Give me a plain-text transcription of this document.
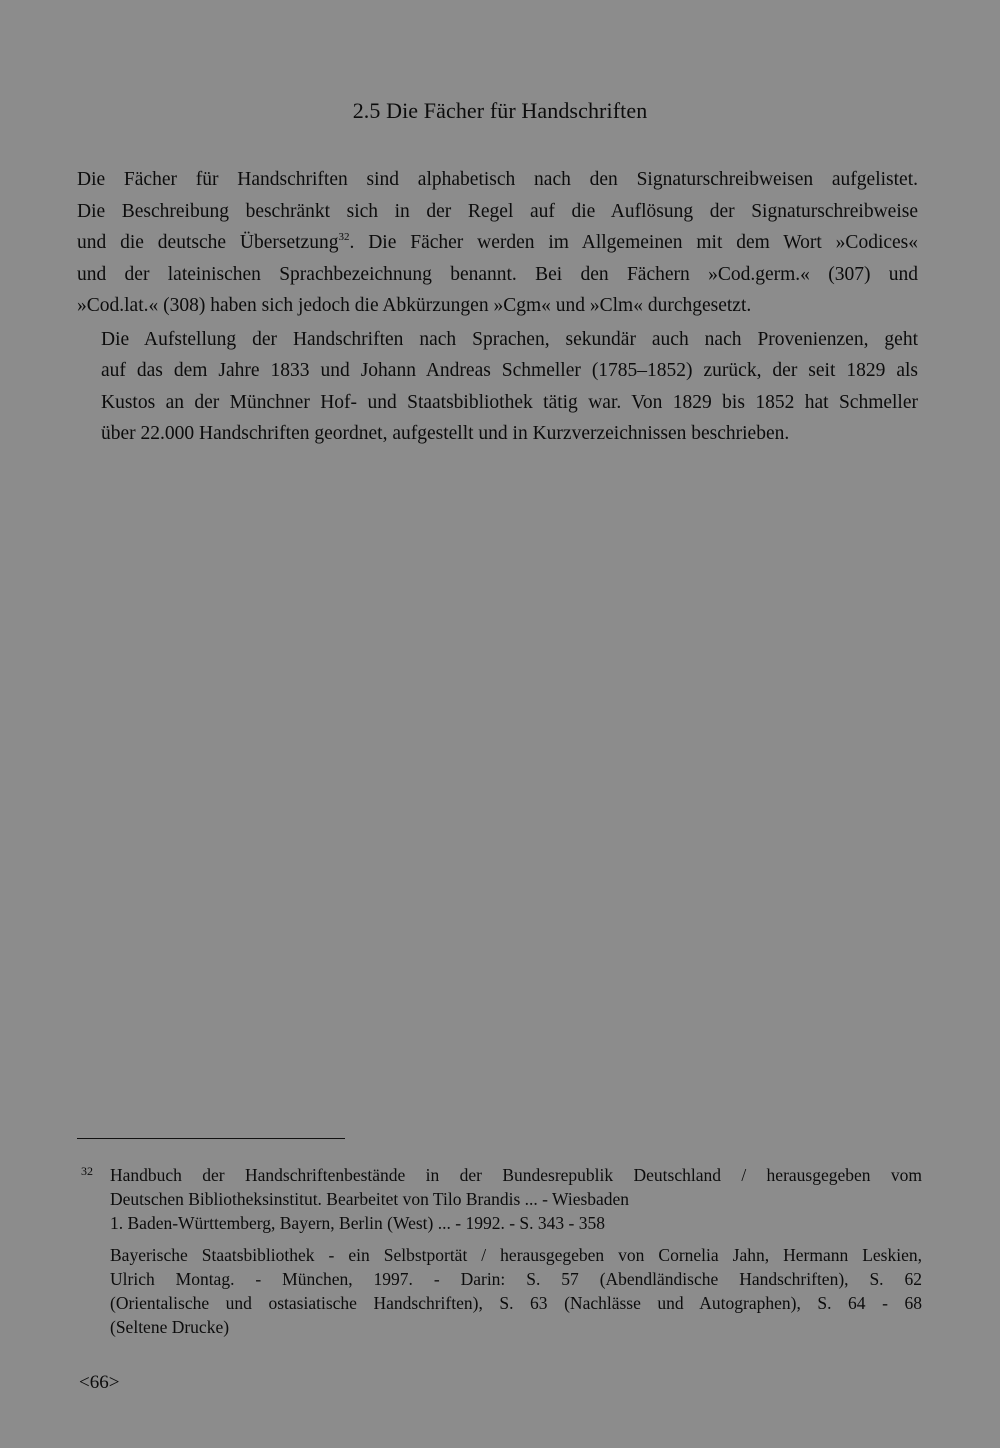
2.5 Die Fächer für Handschriften

Die Fächer für Handschriften sind alphabetisch nach den Signaturschreibweisen aufgelistet.
Die Beschreibung beschränkt sich in der Regel auf die Auflösung der Signaturschreibweise
und die deutsche Übersetzung$^{32}$. Die Fächer werden im Allgemeinen mit dem Wort »Codices«
und der lateinischen Sprachbezeichnung benannt. Bei den Fächern »Cod.germ.« (307) und
»Cod.lat.« (308) haben sich jedoch die Abkürzungen »Cgm« und »Clm« durchgesetzt.

Die Aufstellung der Handschriften nach Sprachen, sekundär auch nach Provenienzen, geht
auf das dem Jahre 1833 und Johann Andreas Schmeller (1785–1852) zurück, der seit 1829 als
Kustos an der Münchner Hof- und Staatsbibliothek tätig war. Von 1829 bis 1852 hat Schmeller
über 22.000 Handschriften geordnet, aufgestellt und in Kurzverzeichnissen beschrieben.

32 Handbuch der Handschriftenbestände in der Bundesrepublik Deutschland / herausgegeben vom
Deutschen Bibliotheksinstitut. Bearbeitet von Tilo Brandis ... - Wiesbaden
1. Baden-Württemberg, Bayern, Berlin (West) ... - 1992. - S. 343 - 358
Bayerische Staatsbibliothek - ein Selbstportät / herausgegeben von Cornelia Jahn, Hermann Leskien,
Ulrich Montag. - München, 1997. - Darin: S. 57 (Abendländische Handschriften), S. 62
(Orientalische und ostasiatische Handschriften), S. 63 (Nachlässe und Autographen), S. 64 - 68
(Seltene Drucke)
<66>
